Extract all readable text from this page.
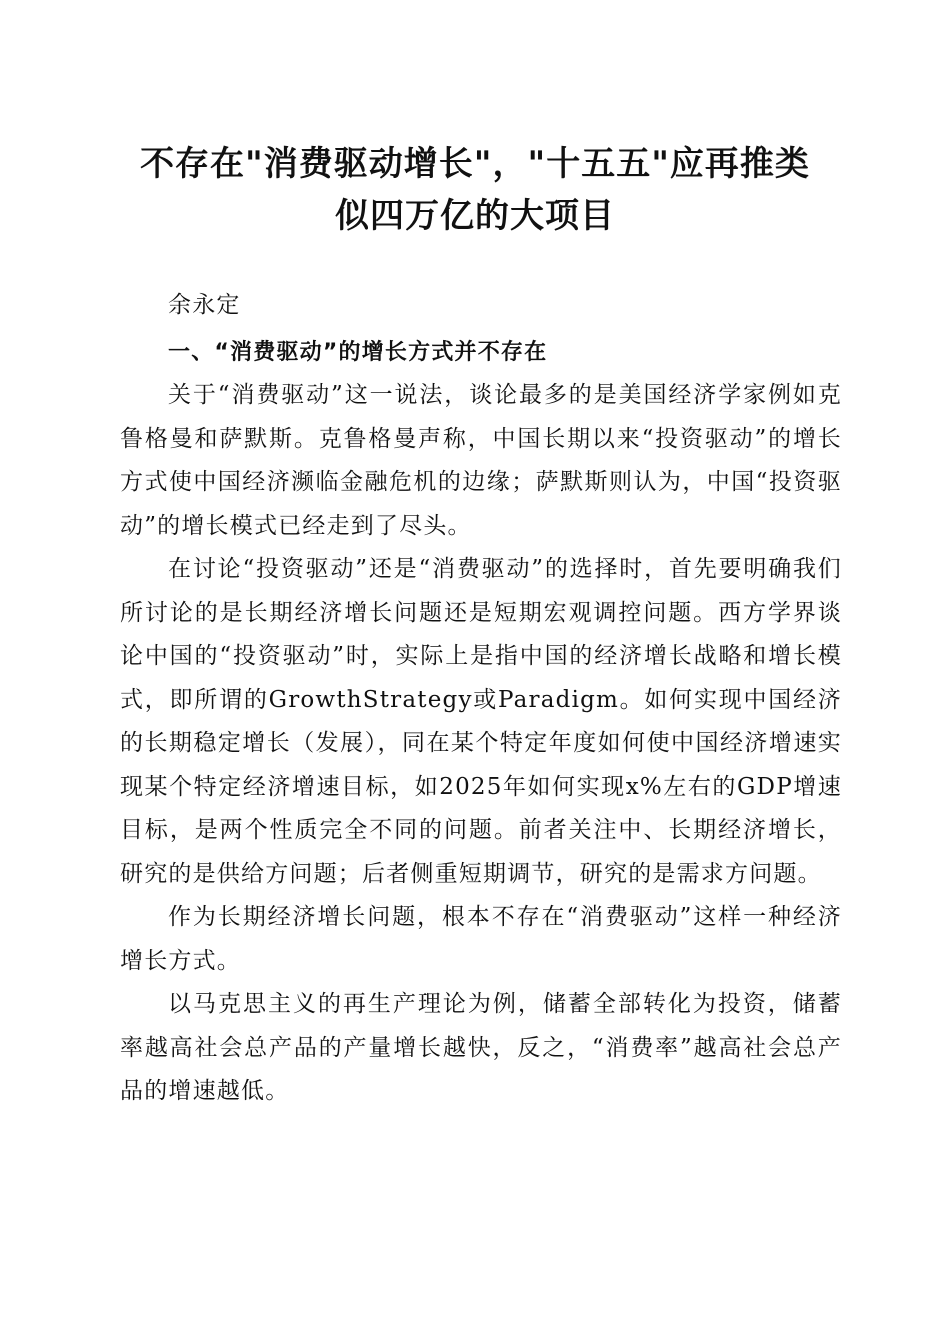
不存在"消费驱动增长"，"十五五"应再推类
似四万亿的大项目

余永定

一、“消费驱动”的增长方式并不存在

关于“消费驱动”这一说法，谈论最多的是美国经济学家例如克鲁格曼和萨默斯。克鲁格曼声称，中国长期以来“投资驱动”的增长方式使中国经济濒临金融危机的边缘；萨默斯则认为，中国“投资驱动”的增长模式已经走到了尽头。

在讨论“投资驱动”还是“消费驱动”的选择时，首先要明确我们所讨论的是长期经济增长问题还是短期宏观调控问题。西方学界谈论中国的“投资驱动”时，实际上是指中国的经济增长战略和增长模式，即所谓的GrowthStrategy或Paradigm。如何实现中国经济的长期稳定增长（发展），同在某个特定年度如何使中国经济增速实现某个特定经济增速目标，如2025年如何实现x%左右的GDP增速目标，是两个性质完全不同的问题。前者关注中、长期经济增长，研究的是供给方问题；后者侧重短期调节，研究的是需求方问题。

作为长期经济增长问题，根本不存在“消费驱动”这样一种经济增长方式。

以马克思主义的再生产理论为例，储蓄全部转化为投资，储蓄率越高社会总产品的产量增长越快，反之，“消费率”越高社会总产品的增速越低。
